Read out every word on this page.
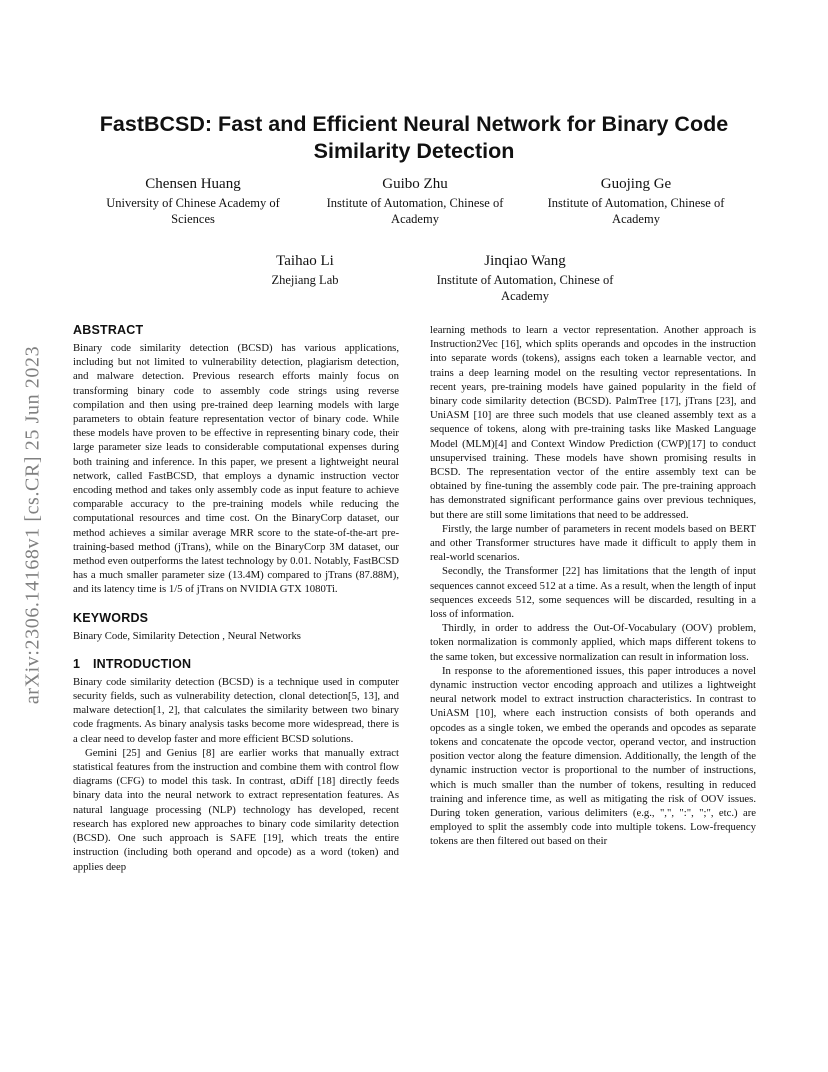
arXiv:2306.14168v1 [cs.CR] 25 Jun 2023
FastBCSD: Fast and Efficient Neural Network for Binary Code
Similarity Detection
Chensen Huang
University of Chinese Academy of
Sciences
Guibo Zhu
Institute of Automation, Chinese of
Academy
Guojing Ge
Institute of Automation, Chinese of
Academy
Taihao Li
Zhejiang Lab
Jinqiao Wang
Institute of Automation, Chinese of
Academy
ABSTRACT

Binary code similarity detection (BCSD) has various applications, including but not limited to vulnerability detection, plagiarism detection, and malware detection. Previous research efforts mainly focus on transforming binary code to assembly code strings using reverse compilation and then using pre-trained deep learning models with large parameters to obtain feature representation vector of binary code. While these models have proven to be effective in representing binary code, their large parameter size leads to considerable computational expenses during both training and inference. In this paper, we present a lightweight neural network, called FastBCSD, that employs a dynamic instruction vector encoding method and takes only assembly code as input feature to achieve comparable accuracy to the pre-training models while reducing the computational resources and time cost. On the BinaryCorp dataset, our method achieves a similar average MRR score to the state-of-the-art pre-training-based method (jTrans), while on the BinaryCorp 3M dataset, our method even outperforms the latest technology by 0.01. Notably, FastBCSD has a much smaller parameter size (13.4M) compared to jTrans (87.88M), and its latency time is 1/5 of jTrans on NVIDIA GTX 1080Ti.

KEYWORDS

Binary Code, Similarity Detection , Neural Networks

1 INTRODUCTION

Binary code similarity detection (BCSD) is a technique used in computer security fields, such as vulnerability detection, clonal detection[5, 13], and malware detection[1, 2], that calculates the similarity between two binary code fragments. As binary analysis tasks become more widespread, there is a clear need to develop faster and more efficient BCSD solutions.

Gemini [25] and Genius [8] are earlier works that manually extract statistical features from the instruction and combine them with control flow diagrams (CFG) to model this task. In contrast, αDiff [18] directly feeds binary data into the neural network to extract representation features. As natural language processing (NLP) technology has developed, recent research has explored new approaches to binary code similarity detection (BCSD). One such approach is SAFE [19], which treats the entire instruction (including both operand and opcode) as a word (token) and applies deep

learning methods to learn a vector representation. Another approach is Instruction2Vec [16], which splits operands and opcodes in the instruction into separate words (tokens), assigns each token a learnable vector, and trains a deep learning model on the resulting vector representations. In recent years, pre-training models have gained popularity in the field of binary code similarity detection (BCSD). PalmTree [17], jTrans [23], and UniASM [10] are three such models that use cleaned assembly text as a sequence of tokens, along with pre-training tasks like Masked Language Model (MLM)[4] and Context Window Prediction (CWP)[17] to conduct unsupervised training. These models have shown promising results in BCSD. The representation vector of the entire assembly text can be obtained by fine-tuning the assembly code pair. The pre-training approach has demonstrated significant performance gains over previous techniques, but there are still some limitations that need to be addressed.

Firstly, the large number of parameters in recent models based on BERT and other Transformer structures have made it difficult to apply them in real-world scenarios.

Secondly, the Transformer [22] has limitations that the length of input sequences cannot exceed 512 at a time. As a result, when the length of input sequences exceeds 512, some sequences will be discarded, resulting in a loss of information.

Thirdly, in order to address the Out-Of-Vocabulary (OOV) problem, token normalization is commonly applied, which maps different tokens to the same token, but excessive normalization can result in information loss.

In response to the aforementioned issues, this paper introduces a novel dynamic instruction vector encoding approach and utilizes a lightweight neural network model to extract instruction characteristics. In contrast to UniASM [10], where each instruction consists of both operands and opcodes as a single token, we embed the operands and opcodes as separate tokens and concatenate the opcode vector, operand vector, and instruction position vector along the feature dimension. Additionally, the length of the dynamic instruction vector is proportional to the number of instructions, which is much smaller than the number of tokens, resulting in reduced training and inference time, as well as mitigating the risk of OOV issues. During token generation, various delimiters (e.g., ",", ":", ";", etc.) are employed to split the assembly code into multiple tokens. Low-frequency tokens are then filtered out based on their
